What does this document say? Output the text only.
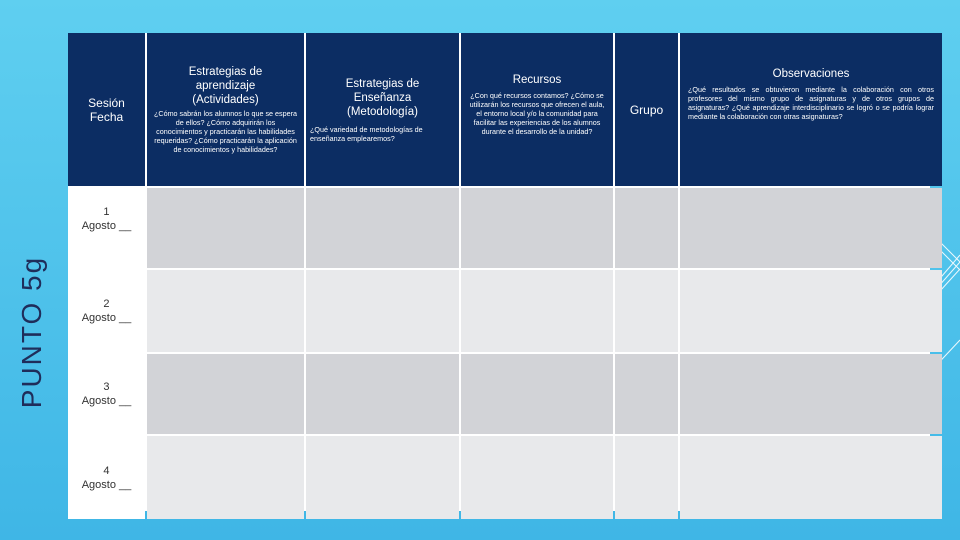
PUNTO 5g
Sesión
Fecha
Estrategias de aprendizaje (Actividades)
¿Cómo sabrán los alumnos lo que se espera de ellos? ¿Cómo adquirirán los conocimientos y practicarán las habilidades requeridas? ¿Cómo practicarán la aplicación de conocimientos y habilidades?
Estrategias de Enseñanza (Metodología)
¿Qué variedad de metodologías de enseñanza emplearemos?
Recursos
¿Con qué recursos contamos? ¿Cómo se utilizarán los recursos que ofrecen el aula, el entorno local y/o la comunidad para facilitar las experiencias de los alumnos durante el desarrollo de la unidad?
Grupo
Observaciones
¿Qué resultados se obtuvieron mediante la colaboración con otros profesores del mismo grupo de asignaturas y de otros grupos de asignaturas? ¿Qué aprendizaje interdisciplinario se logró o se podría lograr mediante la colaboración con otras asignaturas?
1
Agosto __
2
Agosto __
3
Agosto __
4
Agosto __
